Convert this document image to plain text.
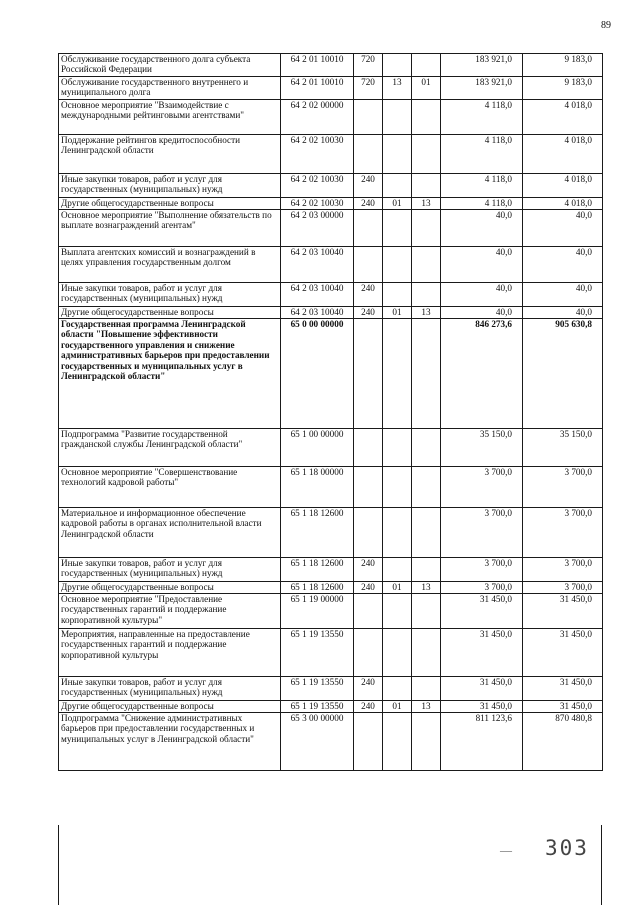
89
Обслуживание государственного долга субъекта Российской Федерации	64 2 01 10010	720			183 921,0	9 183,0
Обслуживание государственного внутреннего и муниципального долга	64 2 01 10010	720	13	01	183 921,0	9 183,0
Основное мероприятие "Взаимодействие с международными рейтинговыми агентствами"	64 2 02 00000				4 118,0	4 018,0
Поддержание рейтингов кредитоспособности Ленинградской области	64 2 02 10030				4 118,0	4 018,0
Иные закупки товаров, работ и услуг для государственных (муниципальных) нужд	64 2 02 10030	240			4 118,0	4 018,0
Другие общегосударственные вопросы	64 2 02 10030	240	01	13	4 118,0	4 018,0
Основное мероприятие "Выполнение обязательств по выплате вознаграждений агентам"	64 2 03 00000				40,0	40,0
Выплата агентских комиссий и вознаграждений в целях управления государственным долгом	64 2 03 10040				40,0	40,0
Иные закупки товаров, работ и услуг для государственных (муниципальных) нужд	64 2 03 10040	240			40,0	40,0
Другие общегосударственные вопросы	64 2 03 10040	240	01	13	40,0	40,0
Государственная программа Ленинградской области "Повышение эффективности государственного управления и снижение административных барьеров при предоставлении государственных и муниципальных услуг в Ленинградской области"	65 0 00 00000				846 273,6	905 630,8
Подпрограмма "Развитие государственной гражданской службы Ленинградской области"	65 1 00 00000				35 150,0	35 150,0
Основное мероприятие "Совершенствование технологий кадровой работы"	65 1 18 00000				3 700,0	3 700,0
Материальное и информационное обеспечение кадровой работы в органах исполнительной власти Ленинградской области	65 1 18 12600				3 700,0	3 700,0
Иные закупки товаров, работ и услуг для государственных (муниципальных) нужд	65 1 18 12600	240			3 700,0	3 700,0
Другие общегосударственные вопросы	65 1 18 12600	240	01	13	3 700,0	3 700,0
Основное мероприятие "Предоставление государственных гарантий и поддержание корпоративной культуры"	65 1 19 00000				31 450,0	31 450,0
Мероприятия, направленные на предоставление государственных гарантий и поддержание корпоративной культуры	65 1 19 13550				31 450,0	31 450,0
Иные закупки товаров, работ и услуг для государственных (муниципальных) нужд	65 1 19 13550	240			31 450,0	31 450,0
Другие общегосударственные вопросы	65 1 19 13550	240	01	13	31 450,0	31 450,0
Подпрограмма "Снижение административных барьеров при предоставлении государственных и муниципальных услуг в Ленинградской области"	65 3 00 00000				811 123,6	870 480,8
— 303
